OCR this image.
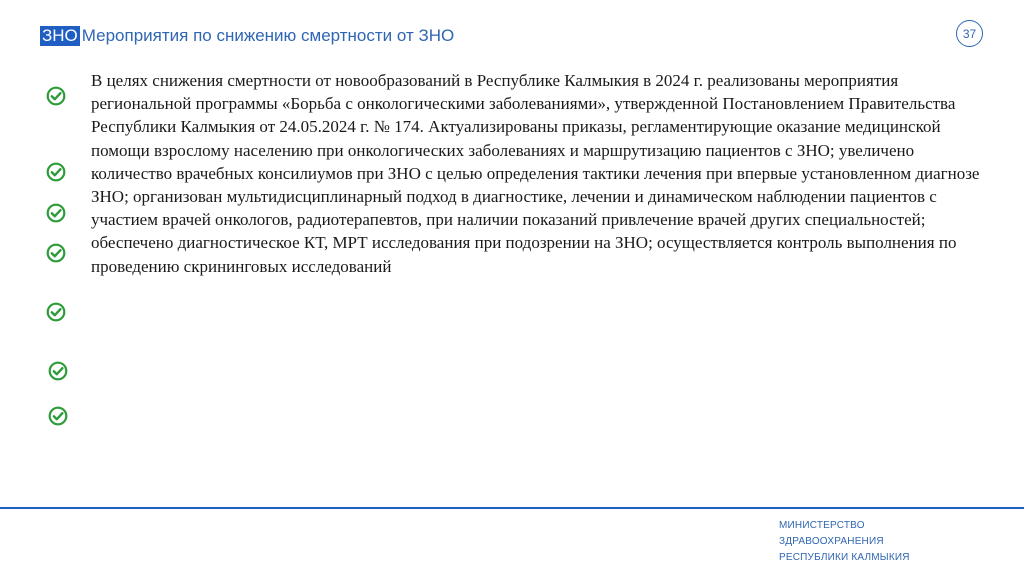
ЗНО Мероприятия по снижению смертности от ЗНО	37

В целях снижения смертности от новообразований в Республике Калмыкия в 2024 г. реализованы мероприятия региональной программы «Борьба с онкологическими заболеваниями», утвержденной Постановлением Правительства Республики Калмыкия от 24.05.2024 г. № 174. Актуализированы приказы, регламентирующие оказание медицинской помощи взрослому населению при онкологических заболеваниях и маршрутизацию пациентов с ЗНО; увеличено количество врачебных консилиумов при ЗНО с целью определения тактики лечения при впервые установленном диагнозе ЗНО; организован мультидисциплинарный подход в диагностике, лечении и динамическом наблюдении пациентов с участием врачей онкологов, радиотерапевтов, при наличии показаний привлечение врачей других специальностей; обеспечено диагностическое КТ, МРТ исследования при подозрении на ЗНО; осуществляется контроль выполнения по проведению скрининговых исследований

МИНИСТЕРСТВО
ЗДРАВООХРАНЕНИЯ
РЕСПУБЛИКИ КАЛМЫКИЯ
